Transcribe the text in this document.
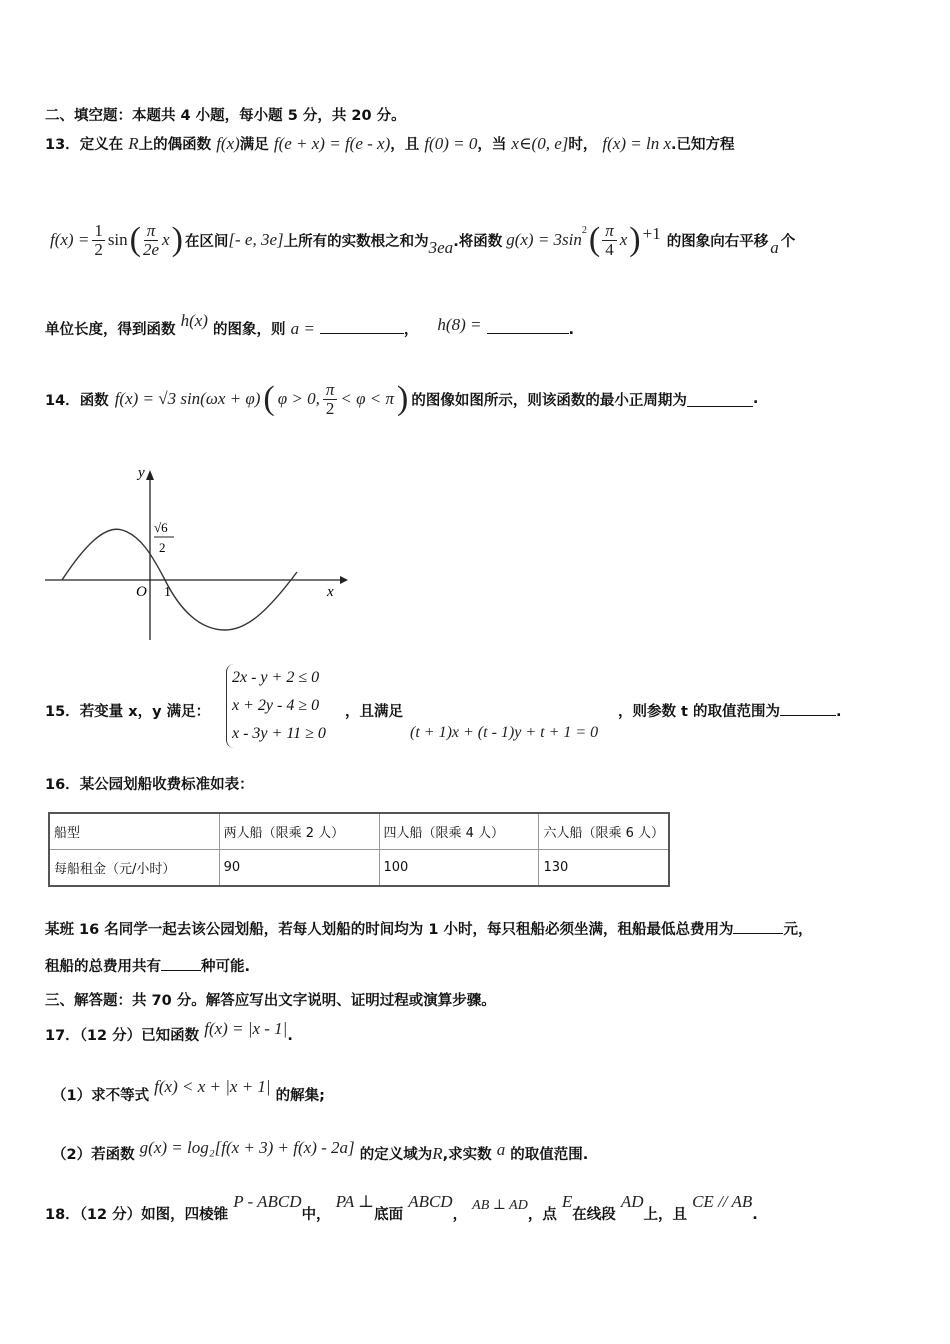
二、填空题：本题共 4 小题，每小题 5 分，共 20 分。
13．定义在 R上的偶函数 f(x)满足 f(e + x) = f(e - x)，且 f(0) = 0，当 x∈(0, e]时， f(x) = ln x.已知方程
$f(x) = \frac{1}{2}$ sin ( π
2e x ) 在区间 [- e, 3e] 上所有的实数根之和为 3ea .将函数 $g(x) = 3\sin^2$ ( π
4 x ) +1 的图象向右平移 a 个
单位长度，得到函数 h(x) 的图象，则 a =	， h(8) =	.
14． 函数 f(x) = √3 sin(ωx + φ) ( φ > 0, π
2 < φ < π ) 的图像如图所示，则该函数的最小正周期为	.
y
x
O 1
√6
2
15．若变量 x，y 满足：
2x - y + 2 ≤ 0
x + 2y - 4 ≥ 0
x - 3y + 11 ≥ 0
，且满足
(t + 1)x + (t - 1)y + t + 1 = 0
，则参数 t 的取值范围为	.
16．某公园划船收费标准如表：
船型	两人船（限乘 2 人）	四人船（限乘 4 人）	六人船（限乘 6 人）
每船租金（元/小时）	90	100	130
某班 16 名同学一起去该公园划船，若每人划船的时间均为 1 小时，每只租船必须坐满，租船最低总费用为	元，
租船的总费用共有	种可能.
三、解答题：共 70 分。解答应写出文字说明、证明过程或演算步骤。
17．（12 分）已知函数 f(x) = |x - 1|.
（1）求不等式 f(x) < x + |x + 1| 的解集;
（2）若函数 g(x) = log₂[f(x + 3) + f(x) - 2a] 的定义域为R,求实数 a 的取值范围.
18．（12 分）如图，四棱锥 P - ABCD中， PA ⊥底面 ABCD， AB ⊥ AD，点 E在线段 AD上，且 CE // AB.
